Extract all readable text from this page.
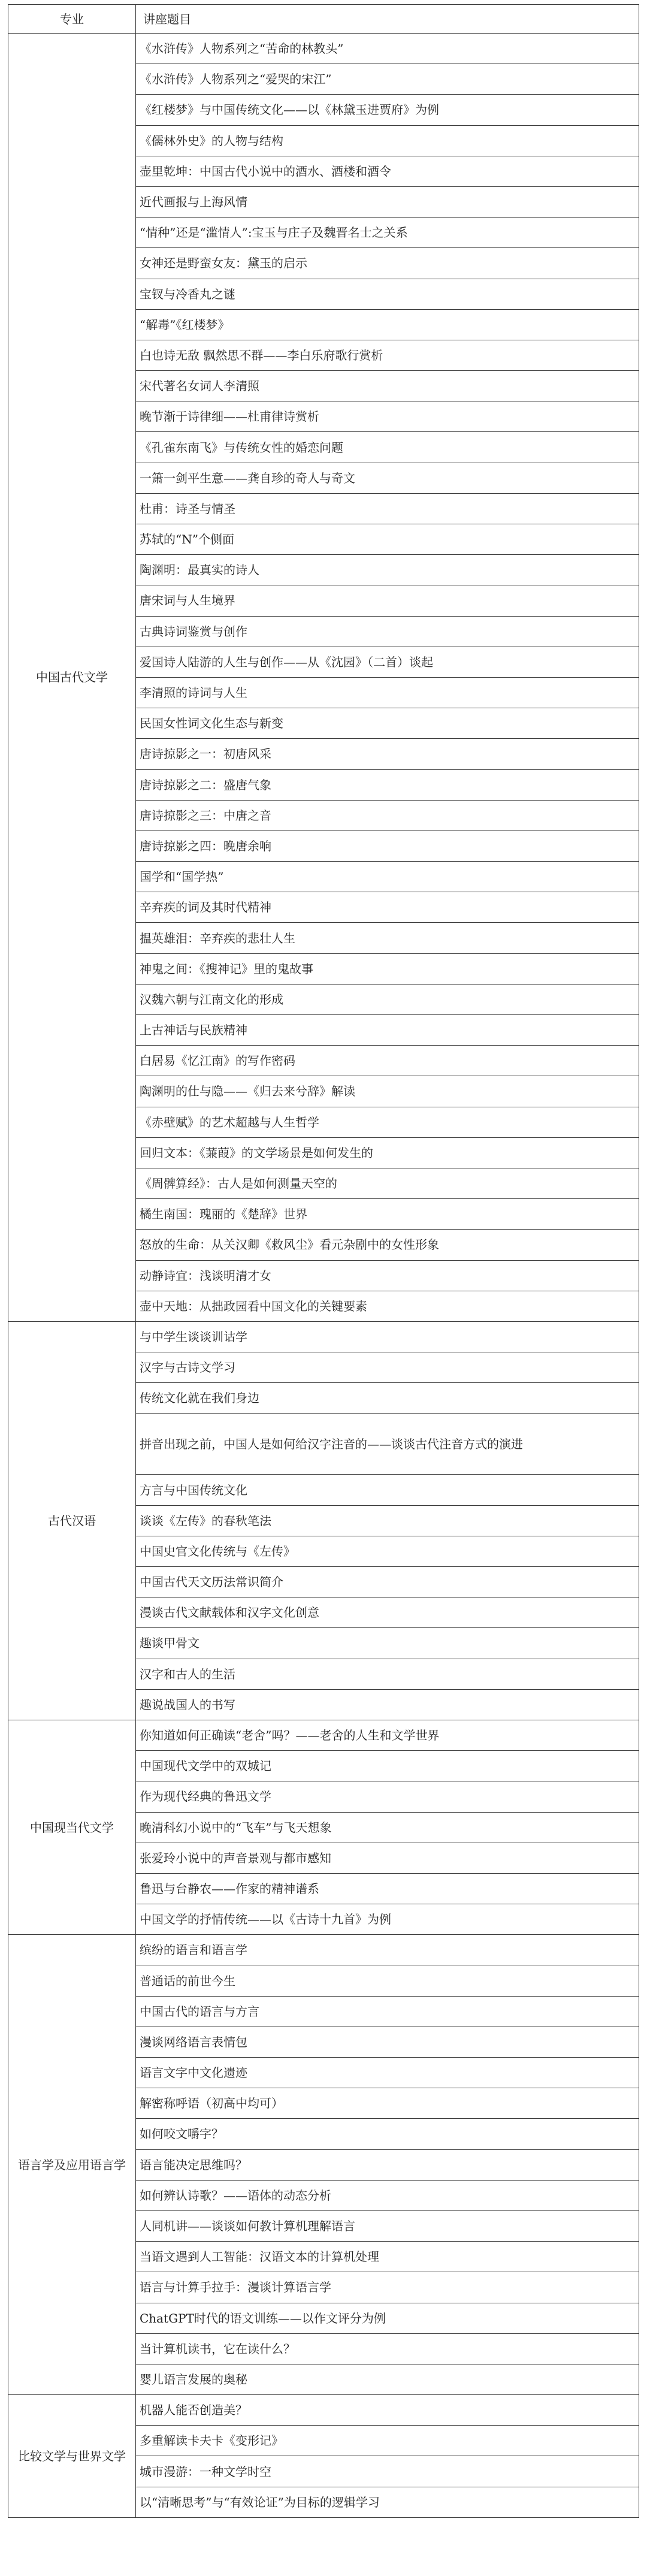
专业	讲座题目
中国古代文学	《水浒传》人物系列之“苦命的林教头”
	《水浒传》人物系列之“爱哭的宋江”
	《红楼梦》与中国传统文化——以《林黛玉进贾府》为例
	《儒林外史》的人物与结构
	壶里乾坤：中国古代小说中的酒水、酒楼和酒令
	近代画报与上海风情
	“情种”还是“滥情人”:宝玉与庄子及魏晋名士之关系
	女神还是野蛮女友：黛玉的启示
	宝钗与冷香丸之谜
	“解毒”《红楼梦》
	白也诗无敌 飘然思不群——李白乐府歌行赏析
	宋代著名女词人李清照
	晚节渐于诗律细——杜甫律诗赏析
	《孔雀东南飞》与传统女性的婚恋问题
	一箫一剑平生意——龚自珍的奇人与奇文
	杜甫：诗圣与情圣
	苏轼的“N”个侧面
	陶渊明：最真实的诗人
	唐宋词与人生境界
	古典诗词鉴赏与创作
	爱国诗人陆游的人生与创作——从《沈园》（二首）谈起
	李清照的诗词与人生
	民国女性词文化生态与新变
	唐诗掠影之一：初唐风采
	唐诗掠影之二：盛唐气象
	唐诗掠影之三：中唐之音
	唐诗掠影之四：晚唐余响
	国学和“国学热”
	辛弃疾的词及其时代精神
	揾英雄泪：辛弃疾的悲壮人生
	神鬼之间：《搜神记》里的鬼故事
	汉魏六朝与江南文化的形成
	上古神话与民族精神
	白居易《忆江南》的写作密码
	陶渊明的仕与隐——《归去来兮辞》解读
	《赤壁赋》的艺术超越与人生哲学
	回归文本：《蒹葭》的文学场景是如何发生的
	《周髀算经》：古人是如何测量天空的
	橘生南国：瑰丽的《楚辞》世界
	怒放的生命：从关汉卿《救风尘》看元杂剧中的女性形象
	动静诗宜：浅谈明清才女
	壶中天地：从拙政园看中国文化的关键要素
古代汉语	与中学生谈谈训诂学
	汉字与古诗文学习
	传统文化就在我们身边
	拼音出现之前，中国人是如何给汉字注音的——谈谈古代注音方式的演进
	方言与中国传统文化
	谈谈《左传》的春秋笔法
	中国史官文化传统与《左传》
	中国古代天文历法常识简介
	漫谈古代文献载体和汉字文化创意
	趣谈甲骨文
	汉字和古人的生活
	趣说战国人的书写
中国现当代文学	你知道如何正确读“老舍”吗？——老舍的人生和文学世界
	中国现代文学中的双城记
	作为现代经典的鲁迅文学
	晚清科幻小说中的“飞车”与飞天想象
	张爱玲小说中的声音景观与都市感知
	鲁迅与台静农——作家的精神谱系
	中国文学的抒情传统——以《古诗十九首》为例
语言学及应用语言学	缤纷的语言和语言学
	普通话的前世今生
	中国古代的语言与方言
	漫谈网络语言表情包
	语言文字中文化遗迹
	解密称呼语（初高中均可）
	如何咬文嚼字？
	语言能决定思维吗？
	如何辨认诗歌？——语体的动态分析
	人同机讲——谈谈如何教计算机理解语言
	当语文遇到人工智能：汉语文本的计算机处理
	语言与计算手拉手：漫谈计算语言学
	ChatGPT时代的语文训练——以作文评分为例
	当计算机读书，它在读什么？
	婴儿语言发展的奥秘
比较文学与世界文学	机器人能否创造美？
	多重解读卡夫卡《变形记》
	城市漫游：一种文学时空
	以“清晰思考”与“有效论证”为目标的逻辑学习
